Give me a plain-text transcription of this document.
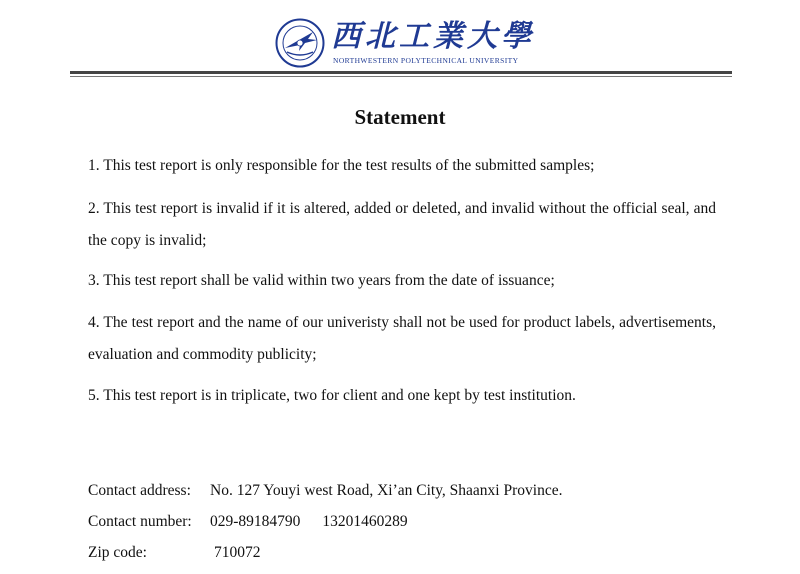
西北工業大學
NORTHWESTERN POLYTECHNICAL UNIVERSITY
Statement
1. This test report is only responsible for the test results of the submitted samples;
2. This test report is invalid if it is altered, added or deleted, and invalid without the official seal, and the copy is invalid;
3. This test report shall be valid within two years from the date of issuance;
4. The test report and the name of our univeristy shall not be used for product labels, advertisements, evaluation and commodity publicity;
5. This test report is in triplicate, two for client and one kept by test institution.
Contact address: No. 127 Youyi west Road, Xi’an City, Shaanxi Province.
Contact number: 029-89184790 13201460289
Zip code:	710072
